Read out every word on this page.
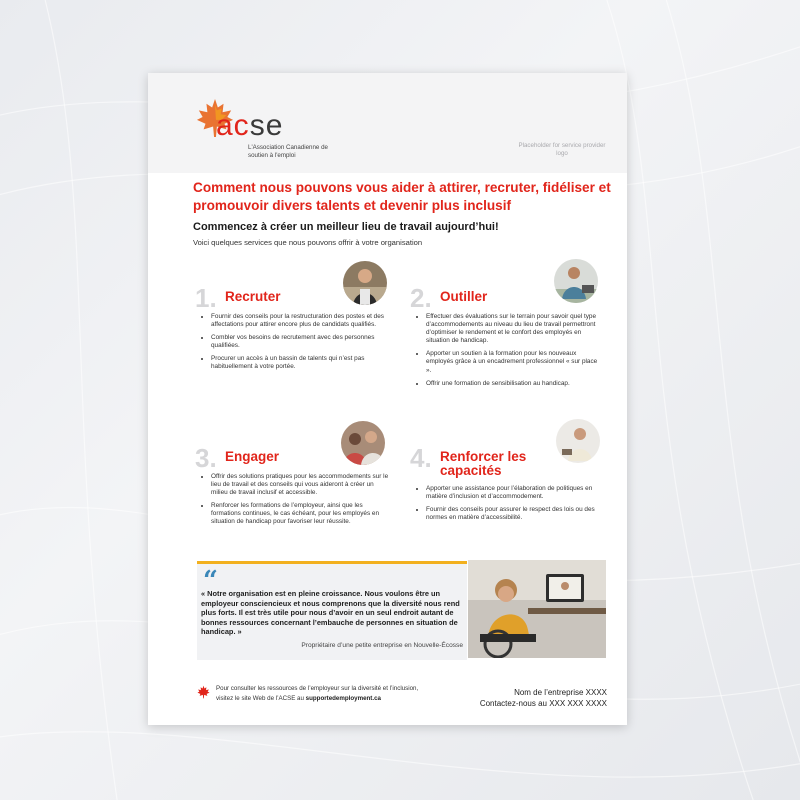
acse
L'Association Canadienne de soutien à l'emploi
Placeholder for service provider logo
Comment nous pouvons vous aider à attirer, recruter, fidéliser et promouvoir divers talents et devenir plus inclusif
Commencez à créer un meilleur lieu de travail aujourd’hui!
Voici quelques services que nous pouvons offrir à votre organisation
1. Recruter
• Fournir des conseils pour la restructuration des postes et des affectations pour attirer encore plus de candidats qualifiés.
• Combler vos besoins de recrutement avec des personnes qualifiées.
• Procurer un accès à un bassin de talents qui n’est pas habituellement à votre portée.
2. Outiller
• Effectuer des évaluations sur le terrain pour savoir quel type d’accommodements au niveau du lieu de travail permettront d’optimiser le rendement et le confort des employés en situation de handicap.
• Apporter un soutien à la formation pour les nouveaux employés grâce à un encadrement professionnel « sur place ».
• Offrir une formation de sensibilisation au handicap.
3. Engager
• Offrir des solutions pratiques pour les accommodements sur le lieu de travail et des conseils qui vous aideront à créer un milieu de travail inclusif et accessible.
• Renforcer les formations de l’employeur, ainsi que les formations continues, le cas échéant, pour les employés en situation de handicap pour favoriser leur réussite.
4. Renforcer les capacités
• Apporter une assistance pour l’élaboration de politiques en matière d’inclusion et d’accommodement.
• Fournir des conseils pour assurer le respect des lois ou des normes en matière d’accessibilité.
“
« Notre organisation est en pleine croissance. Nous voulons être un employeur consciencieux et nous comprenons que la diversité nous rend plus forts. Il est très utile pour nous d’avoir en un seul endroit autant de bonnes ressources concernant l’embauche de personnes en situation de handicap. »
Propriétaire d’une petite entreprise en Nouvelle-Écosse
Pour consulter les ressources de l’employeur sur la diversité et l’inclusion, visitez le site Web de l’ACSE au supportedemployment.ca
Nom de l’entreprise XXXX
Contactez-nous au XXX XXX XXXX
